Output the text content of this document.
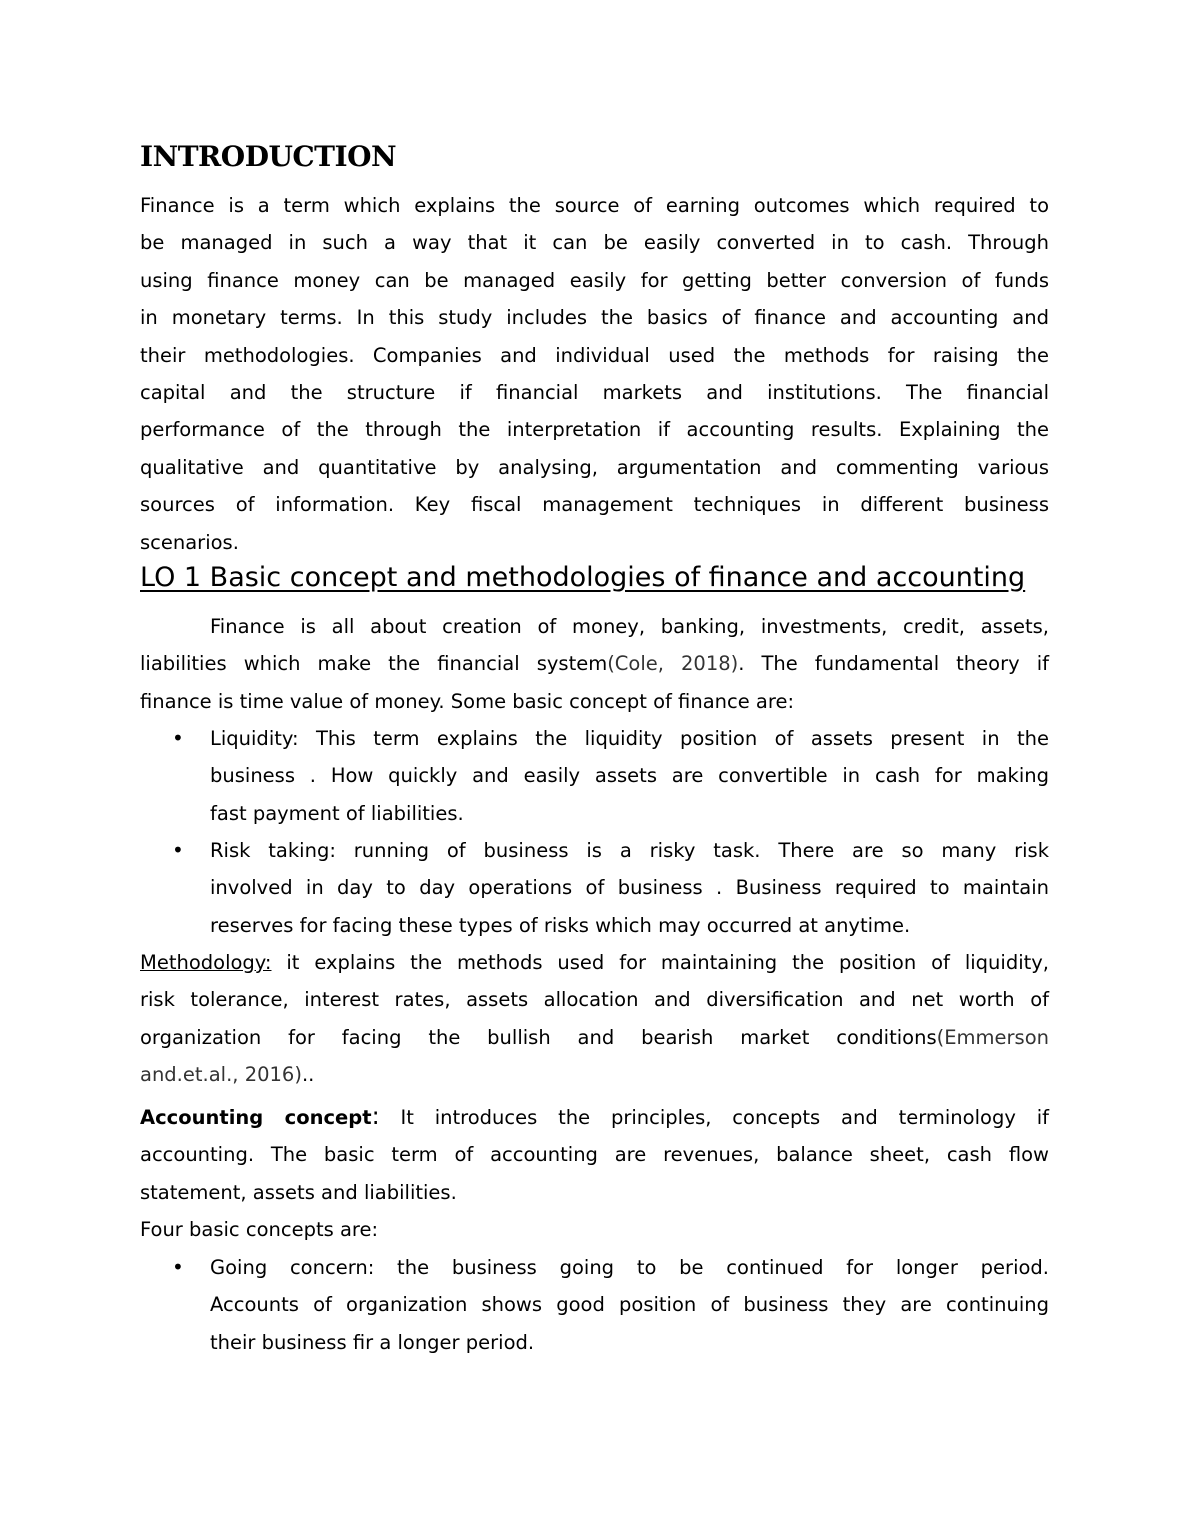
INTRODUCTION
Finance is a term which explains the source of earning outcomes which required to
be managed in such a way that it can be easily converted in to cash. Through
using finance money can be managed easily for getting better conversion of funds
in monetary terms. In this study includes the basics of finance and accounting and
their methodologies. Companies and individual used the methods for raising the
capital and the structure if financial markets and institutions. The financial
performance of the through the interpretation if accounting results. Explaining the
qualitative and quantitative by analysing, argumentation and commenting various
sources of information. Key fiscal management techniques in different business
scenarios.
LO 1 Basic concept and methodologies of finance and accounting
Finance is all about creation of money, banking, investments, credit, assets,
liabilities which make the financial system(Cole, 2018). The fundamental theory if
finance is time value of money. Some basic concept of finance are:
• Liquidity: This term explains the liquidity position of assets present in the
business . How quickly and easily assets are convertible in cash for making
fast payment of liabilities.
• Risk taking: running of business is a risky task. There are so many risk
involved in day to day operations of business . Business required to maintain
reserves for facing these types of risks which may occurred at anytime.
Methodology: it explains the methods used for maintaining the position of liquidity,
risk tolerance, interest rates, assets allocation and diversification and net worth of
organization for facing the bullish and bearish market conditions(Emmerson
and.et.al., 2016)..
Accounting concept: It introduces the principles, concepts and terminology if
accounting. The basic term of accounting are revenues, balance sheet, cash flow
statement, assets and liabilities.
Four basic concepts are:
• Going concern: the business going to be continued for longer period.
Accounts of organization shows good position of business they are continuing
their business fir a longer period.
